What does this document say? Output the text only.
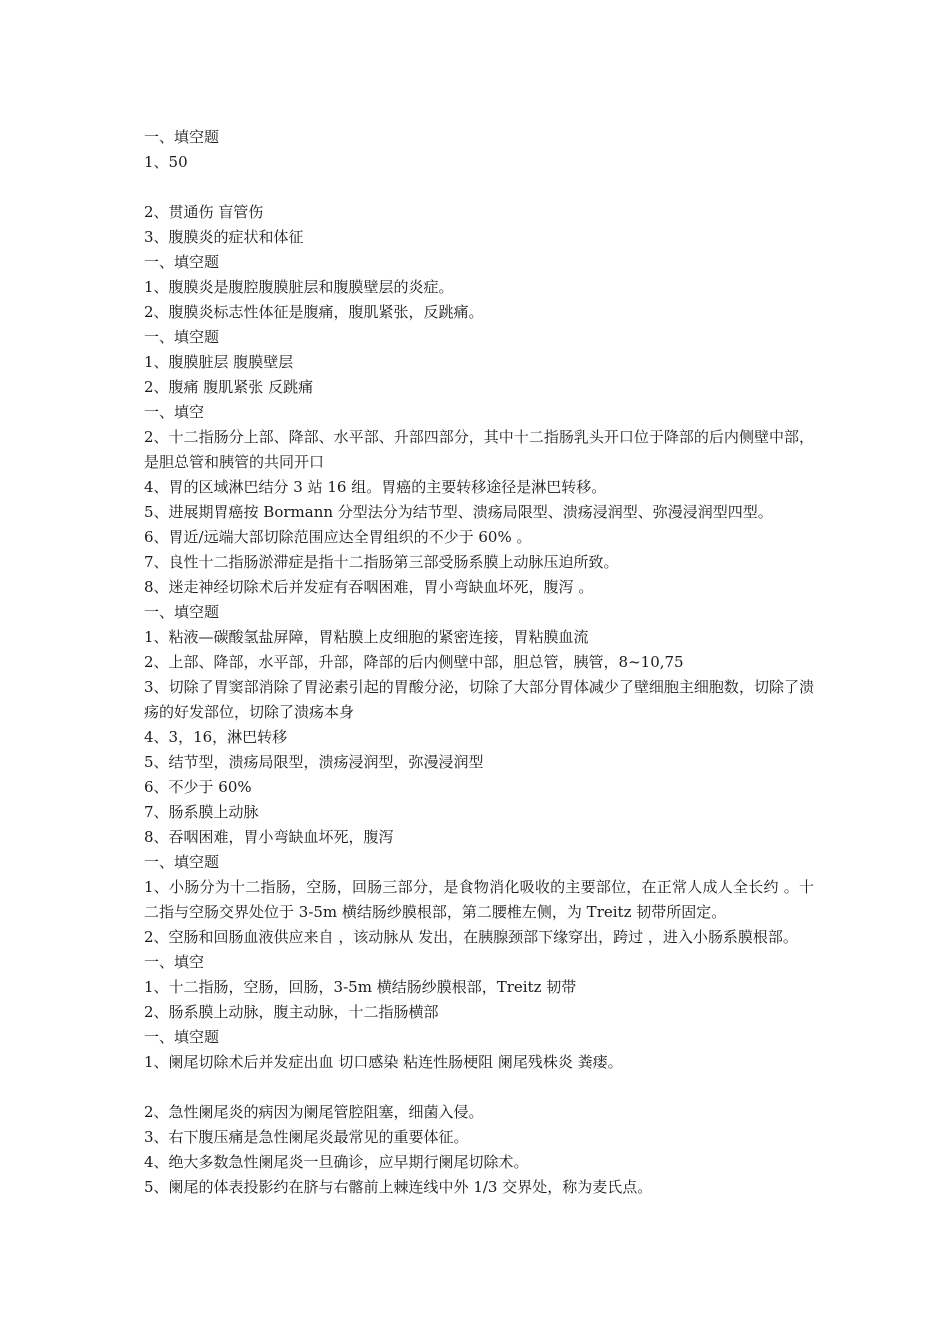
一、填空题

1、50

2、贯通伤 盲管伤

3、腹膜炎的症状和体征

一、填空题

1、腹膜炎是腹腔腹膜脏层和腹膜壁层的炎症。

2、腹膜炎标志性体征是腹痛，腹肌紧张，反跳痛。

一、填空题

1、腹膜脏层 腹膜壁层

2、腹痛 腹肌紧张 反跳痛

一、填空

2、十二指肠分上部、降部、水平部、升部四部分，其中十二指肠乳头开口位于降部的后内侧壁中部，是胆总管和胰管的共同开口

4、胃的区域淋巴结分 3 站 16 组。胃癌的主要转移途径是淋巴转移。

5、进展期胃癌按 Bormann 分型法分为结节型、溃疡局限型、溃疡浸润型、弥漫浸润型四型。

6、胃近/远端大部切除范围应达全胃组织的不少于 60% 。

7、良性十二指肠淤滞症是指十二指肠第三部受肠系膜上动脉压迫所致。

8、迷走神经切除术后并发症有吞咽困难，胃小弯缺血坏死，腹泻 。

一、填空题

1、粘液—碳酸氢盐屏障，胃粘膜上皮细胞的紧密连接，胃粘膜血流

2、上部、降部，水平部，升部，降部的后内侧壁中部，胆总管，胰管，8~10,75

3、切除了胃窦部消除了胃泌素引起的胃酸分泌，切除了大部分胃体减少了壁细胞主细胞数，切除了溃疡的好发部位，切除了溃疡本身

4、3，16，淋巴转移

5、结节型，溃疡局限型，溃疡浸润型，弥漫浸润型

6、不少于 60%

7、肠系膜上动脉

8、吞咽困难，胃小弯缺血坏死，腹泻

一、填空题

1、小肠分为十二指肠，空肠，回肠三部分，是食物消化吸收的主要部位，在正常人成人全长约 。十二指与空肠交界处位于 3-5m 横结肠纱膜根部，第二腰椎左侧，为 Treitz 韧带所固定。

2、空肠和回肠血液供应来自 ，该动脉从 发出，在胰腺颈部下缘穿出，跨过 ，进入小肠系膜根部。

一、填空

1、十二指肠，空肠，回肠，3-5m 横结肠纱膜根部，Treitz 韧带

2、肠系膜上动脉，腹主动脉，十二指肠横部

一、填空题

1、阑尾切除术后并发症出血 切口感染 粘连性肠梗阻 阑尾残株炎 粪瘘。

2、急性阑尾炎的病因为阑尾管腔阻塞，细菌入侵。

3、右下腹压痛是急性阑尾炎最常见的重要体征。

4、绝大多数急性阑尾炎一旦确诊，应早期行阑尾切除术。

5、阑尾的体表投影约在脐与右髂前上棘连线中外 1/3 交界处，称为麦氏点。
